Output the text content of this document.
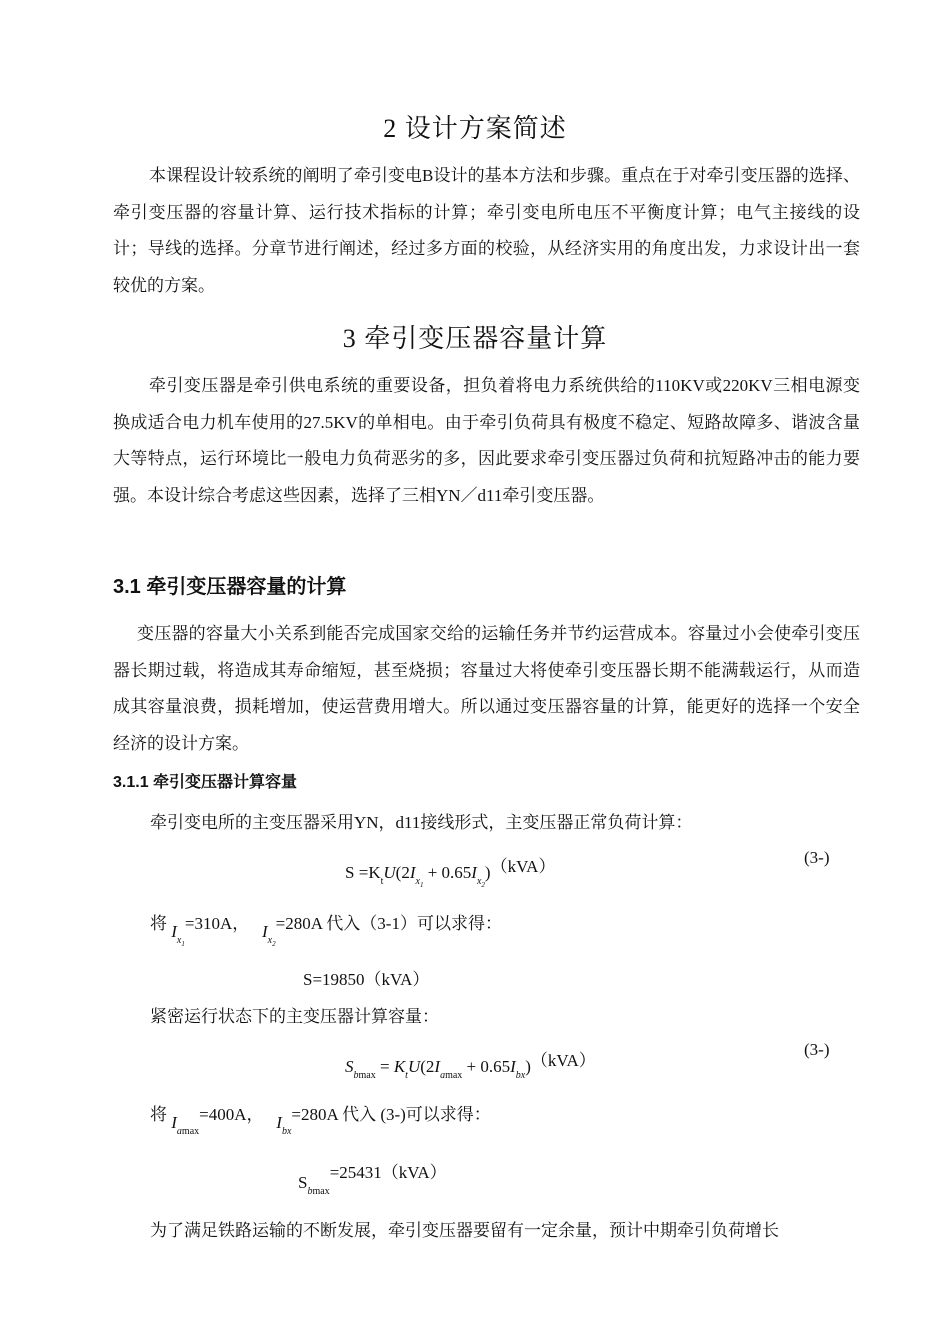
2 设计方案简述
本课程设计较系统的阐明了牵引变电B设计的基本方法和步骤。重点在于对牵引变压器的选择、牵引变压器的容量计算、运行技术指标的计算；牵引变电所电压不平衡度计算；电气主接线的设计；导线的选择。分章节进行阐述，经过多方面的校验，从经济实用的角度出发，力求设计出一套较优的方案。
3 牵引变压器容量计算
牵引变压器是牵引供电系统的重要设备，担负着将电力系统供给的110KV或220KV三相电源变换成适合电力机车使用的27.5KV的单相电。由于牵引负荷具有极度不稳定、短路故障多、谐波含量大等特点，运行环境比一般电力负荷恶劣的多，因此要求牵引变压器过负荷和抗短路冲击的能力要强。本设计综合考虑这些因素，选择了三相YN／d11牵引变压器。
3.1 牵引变压器容量的计算
变压器的容量大小关系到能否完成国家交给的运输任务并节约运营成本。容量过小会使牵引变压器长期过载，将造成其寿命缩短，甚至烧损；容量过大将使牵引变压器长期不能满载运行，从而造成其容量浪费，损耗增加，使运营费用增大。所以通过变压器容量的计算，能更好的选择一个安全经济的设计方案。
3.1.1 牵引变压器计算容量
牵引变电所的主变压器采用YN，d11接线形式，主变压器正常负荷计算：
$S =K_tU(2I_{x_1} + 0.65I_{x_2})(kVA)$	(3-)
将 $I_{x_1}=310A$， $I_{x_2}=280A$ 代入（3-1）可以求得：
S=19850（kVA）
紧密运行状态下的主变压器计算容量：
$S_{bmax} = K_tU(2I_{amax} + 0.65I_{bx})(kVA)$
(3-)
将 $I_{amax}=400A$， $I_{bx}=280A$ 代入 (3-)可以求得：
$S_{bmax}=25431(kVA)$
为了满足铁路运输的不断发展，牵引变压器要留有一定余量，预计中期牵引负荷增长
